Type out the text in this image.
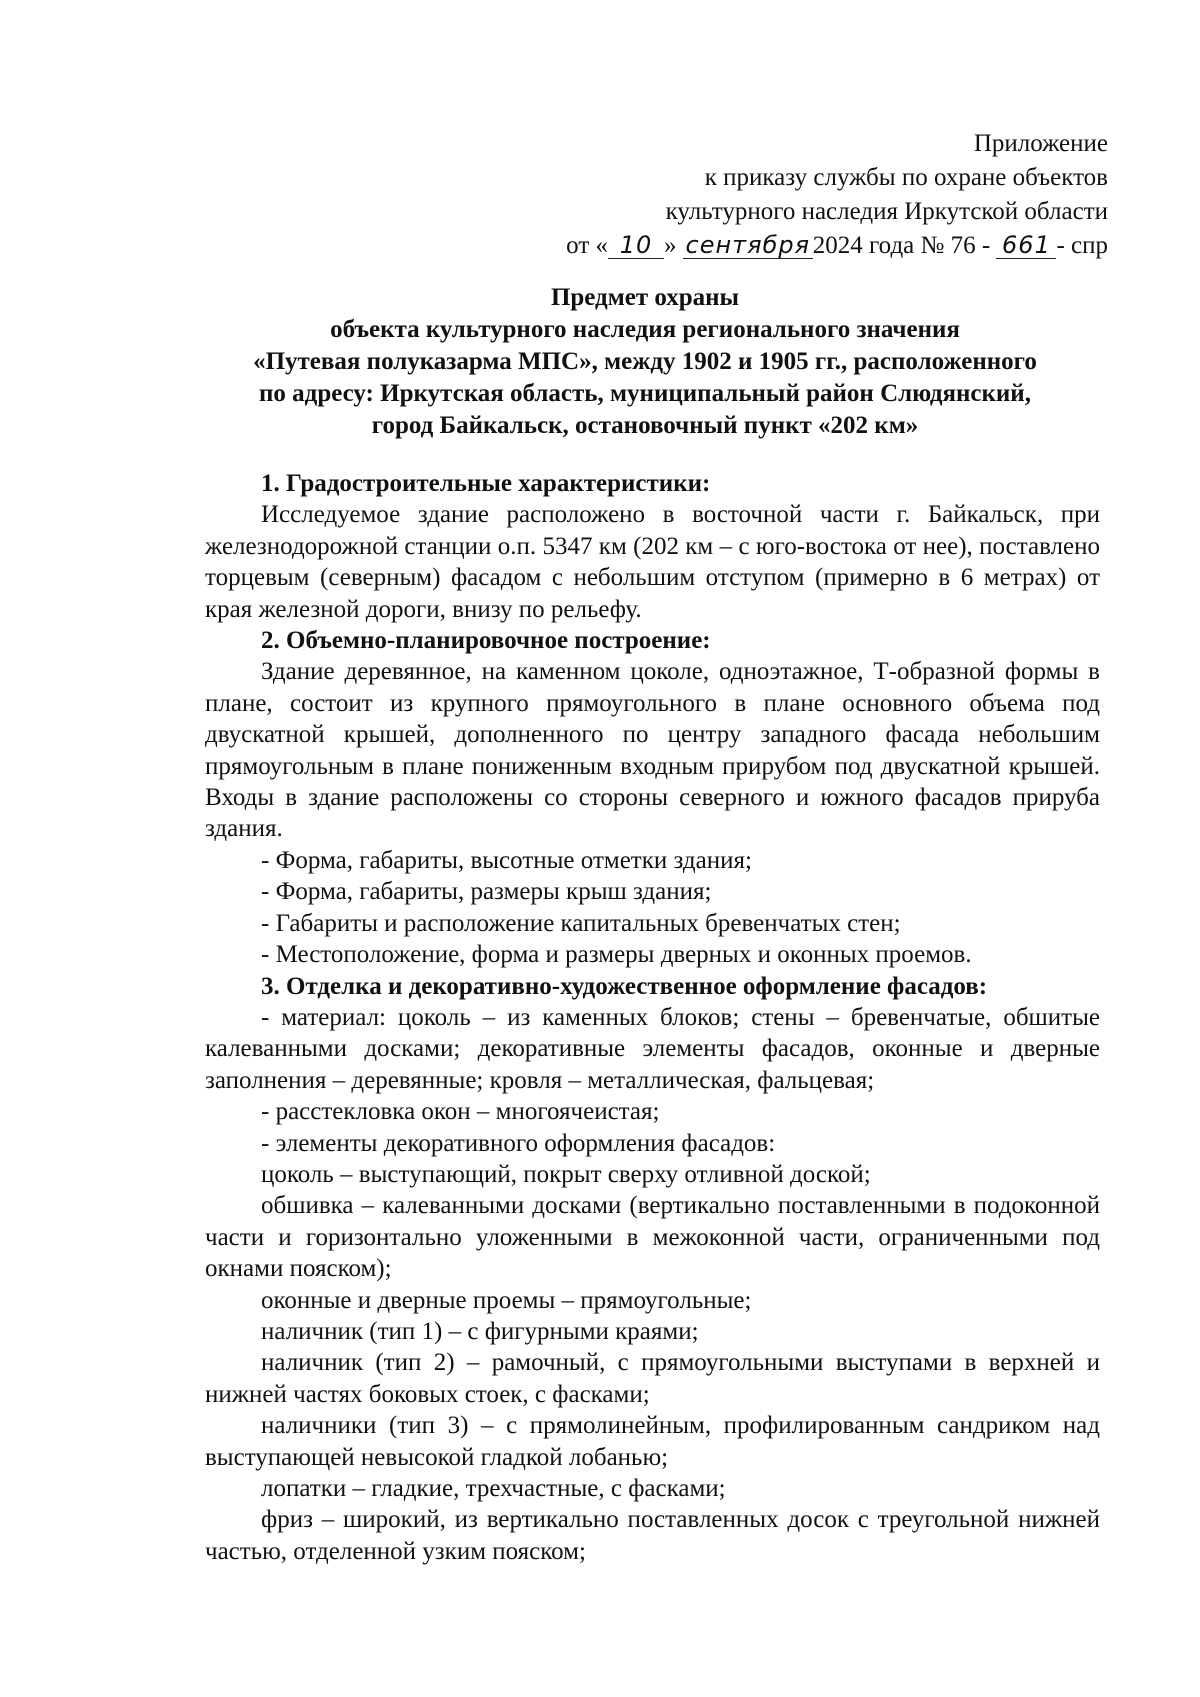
Приложение
к приказу службы по охране объектов
культурного наследия Иркутской области
от « 10 » сентября 2024 года № 76 - 661 - спр
Предмет охраны
объекта культурного наследия регионального значения
«Путевая полуказарма МПС», между 1902 и 1905 гг., расположенного
по адресу: Иркутская область, муниципальный район Слюдянский,
город Байкальск, остановочный пункт «202 км»

1. Градостроительные характеристики:

Исследуемое здание расположено в восточной части г. Байкальск, при железнодорожной станции о.п. 5347 км (202 км – с юго-востока от нее), поставлено торцевым (северным) фасадом с небольшим отступом (примерно в 6 метрах) от края железной дороги, внизу по рельефу.

2. Объемно-планировочное построение:

Здание деревянное, на каменном цоколе, одноэтажное, Т-образной формы в плане, состоит из крупного прямоугольного в плане основного объема под двускатной крышей, дополненного по центру западного фасада небольшим прямоугольным в плане пониженным входным прирубом под двускатной крышей. Входы в здание расположены со стороны северного и южного фасадов прируба здания.

- Форма, габариты, высотные отметки здания;

- Форма, габариты, размеры крыш здания;

- Габариты и расположение капитальных бревенчатых стен;

- Местоположение, форма и размеры дверных и оконных проемов.

3. Отделка и декоративно-художественное оформление фасадов:

- материал: цоколь – из каменных блоков; стены – бревенчатые, обшитые калеванными досками; декоративные элементы фасадов, оконные и дверные заполнения – деревянные; кровля – металлическая, фальцевая;

- расстекловка окон – многоячеистая;

- элементы декоративного оформления фасадов:

цоколь – выступающий, покрыт сверху отливной доской;

обшивка – калеванными досками (вертикально поставленными в подоконной части и горизонтально уложенными в межоконной части, ограниченными под окнами пояском);

оконные и дверные проемы – прямоугольные;

наличник (тип 1) – с фигурными краями;

наличник (тип 2) – рамочный, с прямоугольными выступами в верхней и нижней частях боковых стоек, с фасками;

наличники (тип 3) – с прямолинейным, профилированным сандриком над выступающей невысокой гладкой лобанью;

лопатки – гладкие, трехчастные, с фасками;

фриз – широкий, из вертикально поставленных досок с треугольной нижней частью, отделенной узким пояском;
